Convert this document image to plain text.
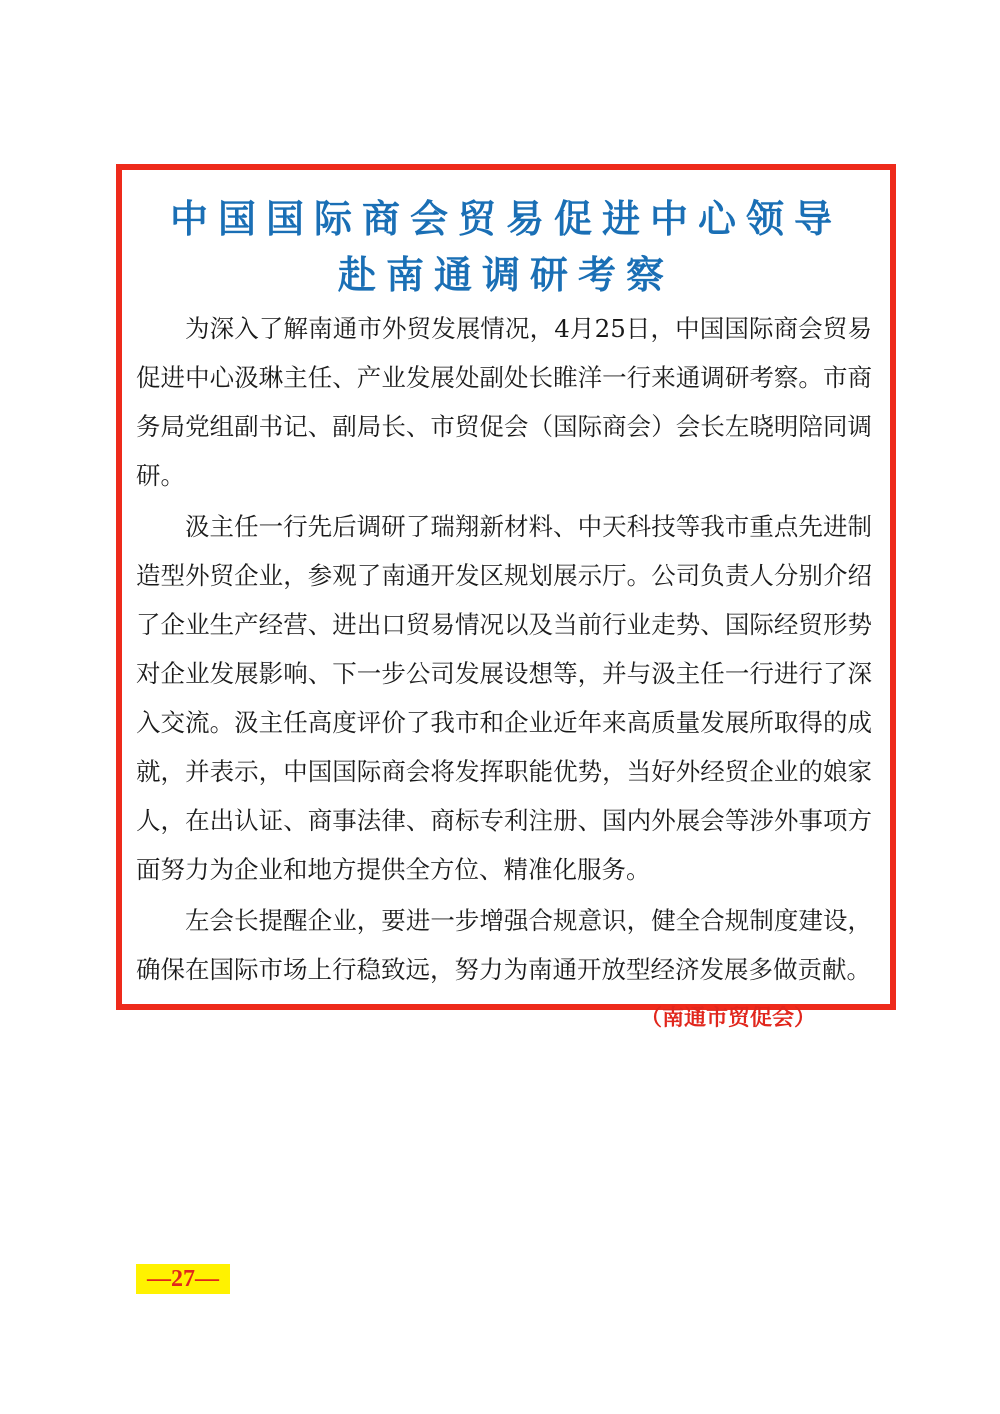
中国国际商会贸易促进中心领导
赴南通调研考察

为深入了解南通市外贸发展情况，4月25日，中国国际商会贸易促进中心汲琳主任、产业发展处副处长睢洋一行来通调研考察。市商务局党组副书记、副局长、市贸促会（国际商会）会长左晓明陪同调研。

汲主任一行先后调研了瑞翔新材料、中天科技等我市重点先进制造型外贸企业，参观了南通开发区规划展示厅。公司负责人分别介绍了企业生产经营、进出口贸易情况以及当前行业走势、国际经贸形势对企业发展影响、下一步公司发展设想等，并与汲主任一行进行了深入交流。汲主任高度评价了我市和企业近年来高质量发展所取得的成就，并表示，中国国际商会将发挥职能优势，当好外经贸企业的娘家人，在出认证、商事法律、商标专利注册、国内外展会等涉外事项方面努力为企业和地方提供全方位、精准化服务。

左会长提醒企业，要进一步增强合规意识，健全合规制度建设，确保在国际市场上行稳致远，努力为南通开放型经济发展多做贡献。
（南通市贸促会）

—27—
